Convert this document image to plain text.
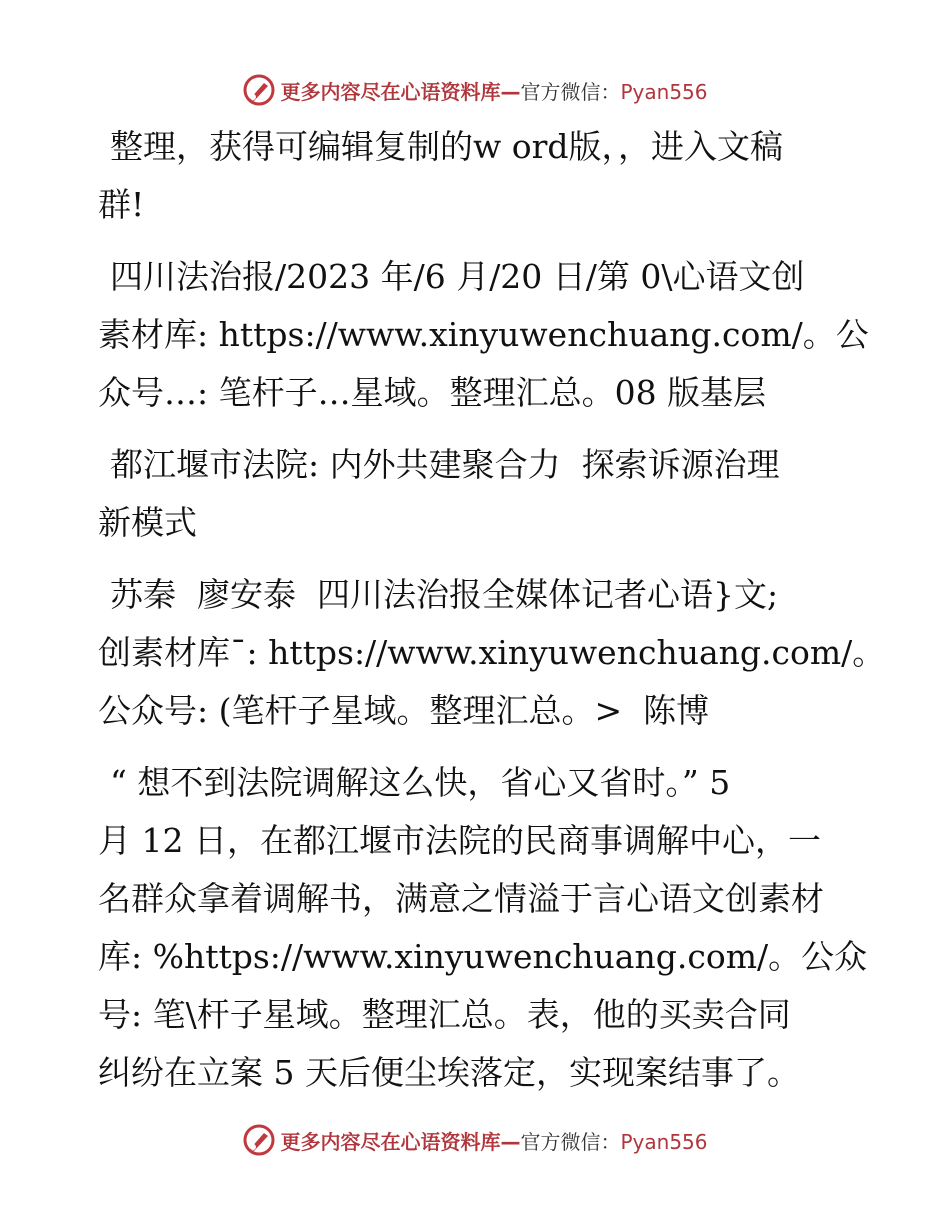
更多内容尽在心语资料库—官方微信：Pyan556
整理，获得可编辑复制的w ord版，，进入文稿
群!
四川法治报/2023 年/6 月/20 日/第 0\心语文创
素材库: https://www.xinyuwenchuang.com/。公
众号…: 笔杆子…星域。整理汇总。08 版基层
都江堰市法院: 内外共建聚合力  探索诉源治理
新模式
苏秦  廖安泰  四川法治报全媒体记者心语}文;
创素材库¯: https://www.xinyuwenchuang.com/。
公众号: (笔杆子星域。整理汇总。>  陈博
“ 想不到法院调解这么快，省心又省时。” 5
月 12 日，在都江堰市法院的民商事调解中心，一
名群众拿着调解书，满意之情溢于言心语文创素材
库: %https://www.xinyuwenchuang.com/。公众
号: 笔\杆子星域。整理汇总。表，他的买卖合同
纠纷在立案 5 天后便尘埃落定，实现案结事了。
更多内容尽在心语资料库—官方微信：Pyan556
